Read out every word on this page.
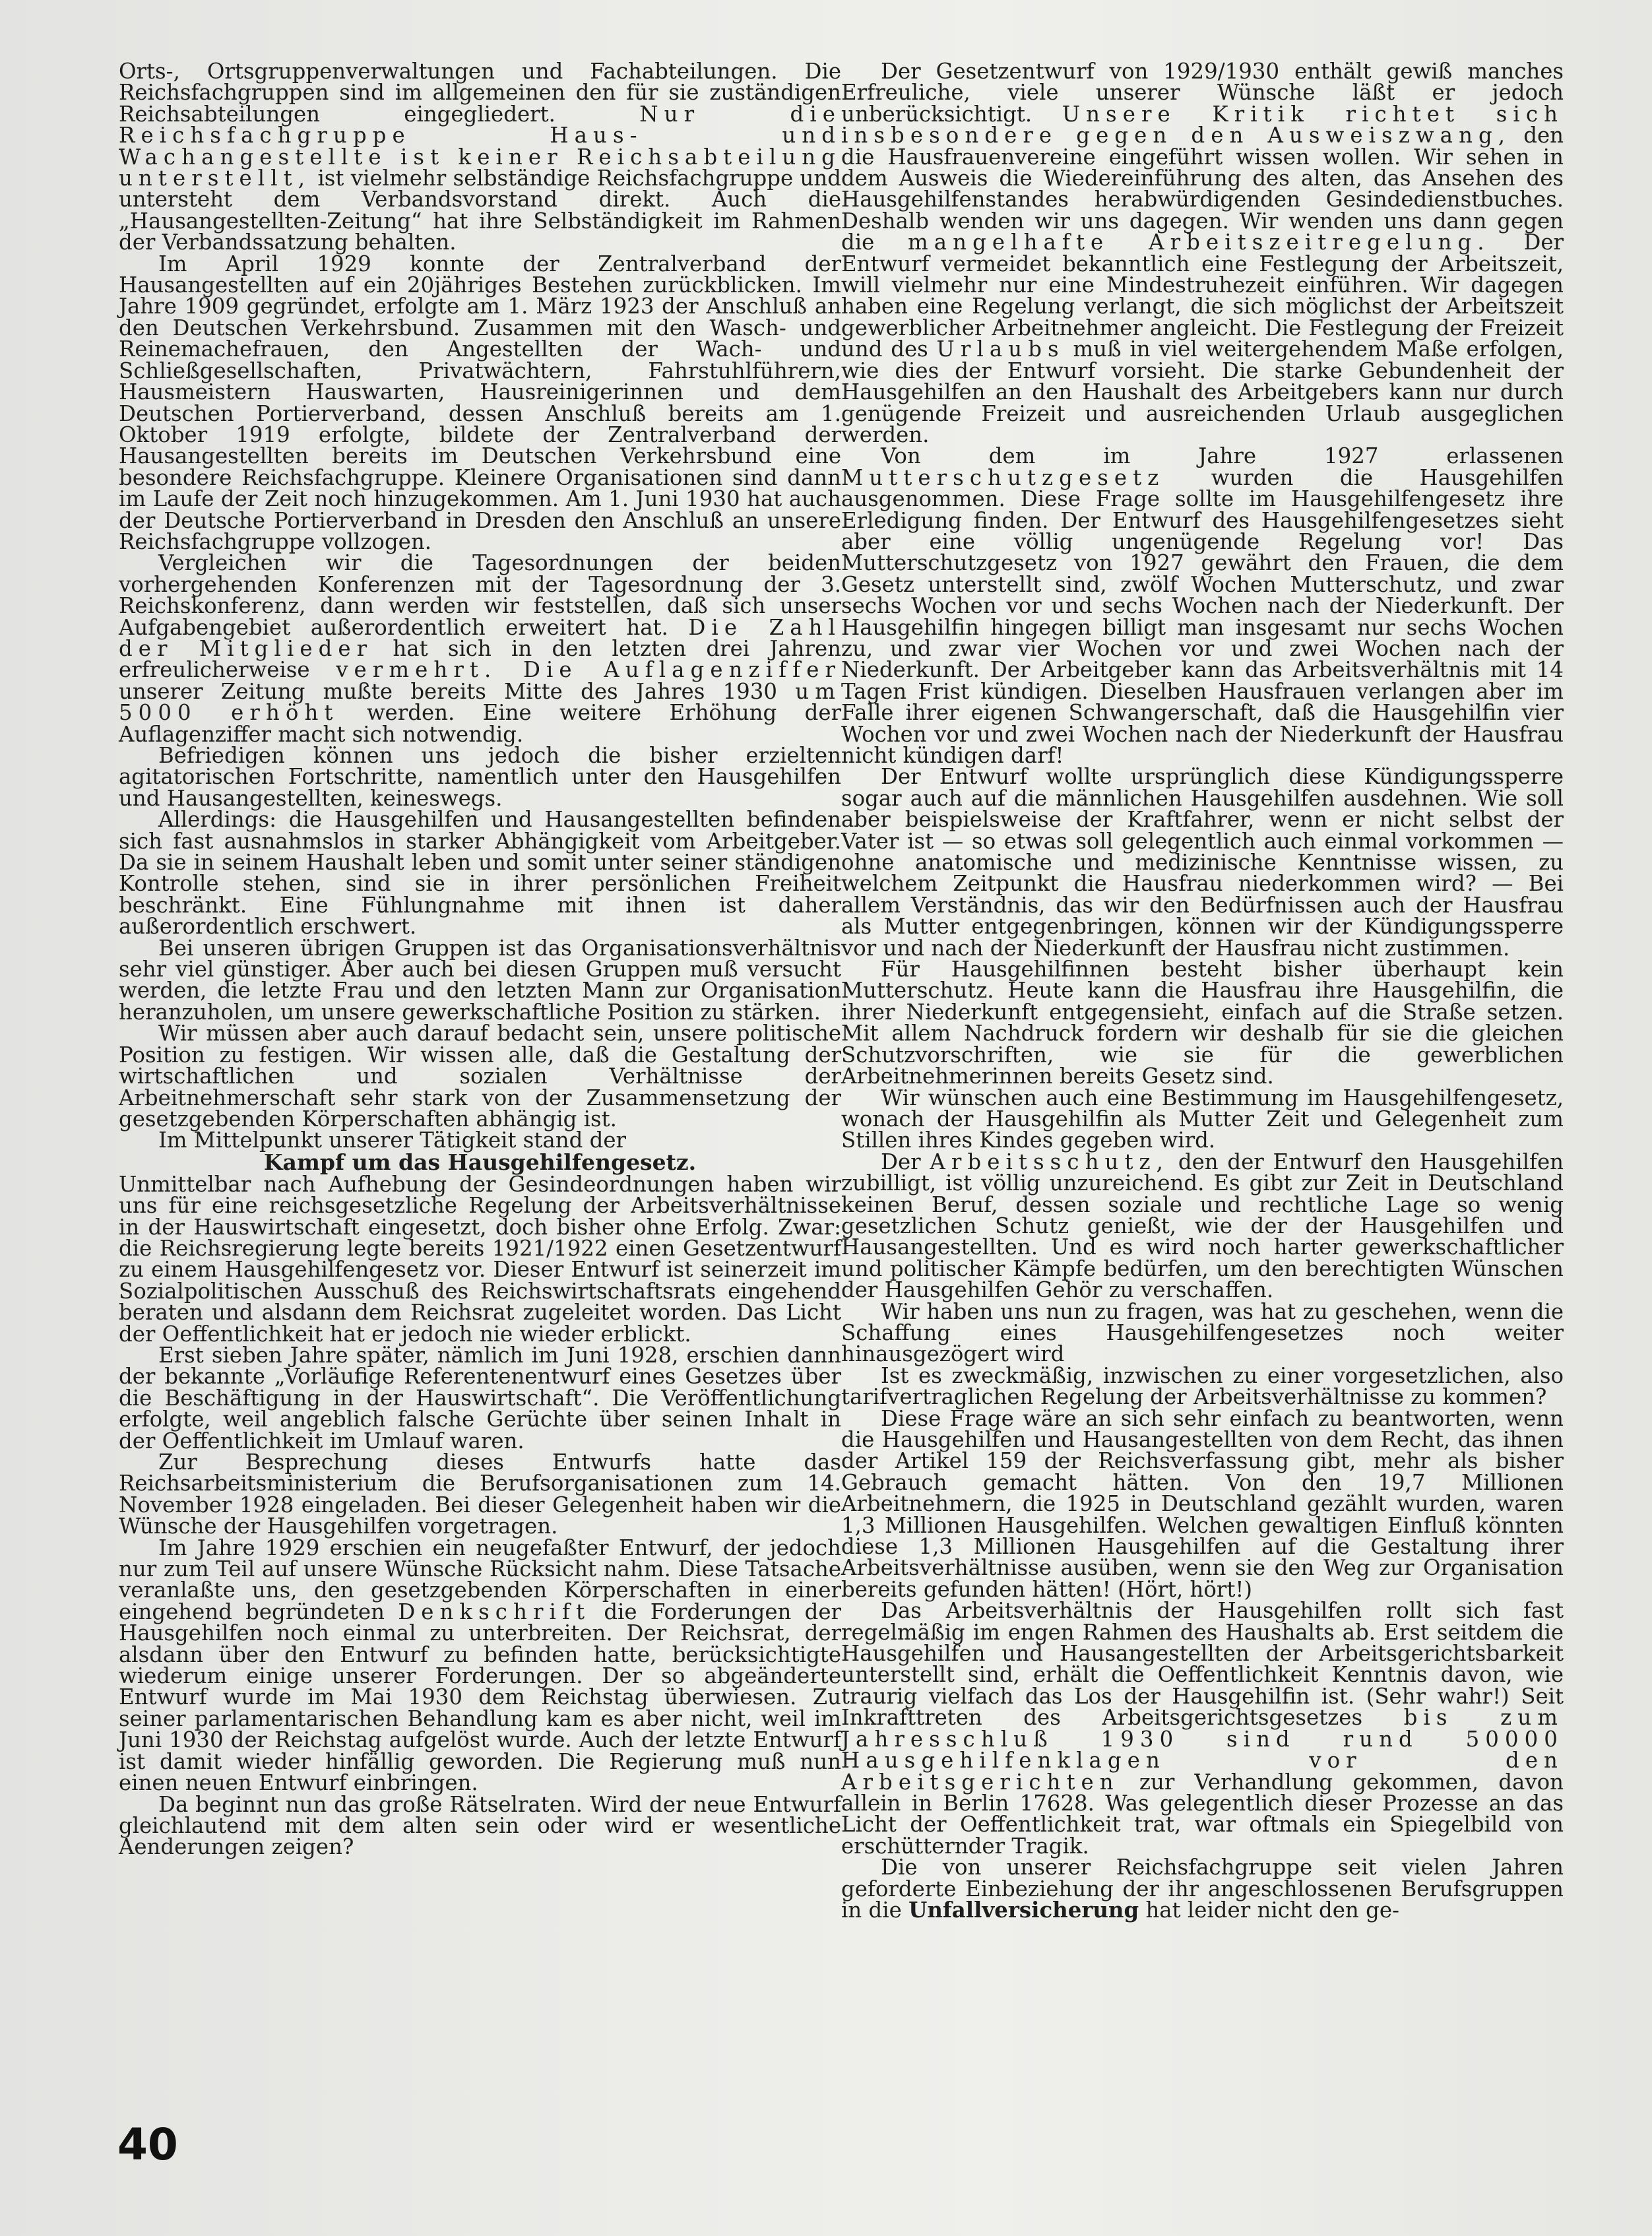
Orts-, Ortsgruppenverwaltungen und Fachabteilungen. Die Reichsfachgruppen sind im allgemeinen den für sie zuständigen Reichsabteilungen eingegliedert.	Nur die Reichsfachgruppe Haus- und Wachangestellte ist keiner Reichsabteilung unterstellt, ist vielmehr selbständige Reichsfachgruppe und untersteht dem Verbandsvorstand direkt. Auch die „Hausangestellten-Zeitung“ hat ihre Selbständigkeit im Rahmen der Verbandssatzung behalten.

Im April 1929 konnte der Zentralverband der Hausangestellten auf ein 20jähriges Bestehen zurückblicken. Im Jahre 1909 gegründet, erfolgte am 1. März 1923 der Anschluß an den Deutschen Verkehrsbund. Zusammen mit den Wasch- und Reinemachefrauen, den Angestellten der Wach- und Schließgesellschaften, Privatwächtern, Fahrstuhlführern, Hausmeistern Hauswarten, Hausreinigerinnen und dem Deutschen Portierverband, dessen Anschluß bereits am 1. Oktober 1919 erfolgte, bildete der Zentralverband der Hausangestellten bereits im Deutschen Verkehrsbund eine besondere Reichsfachgruppe. Kleinere Organisationen sind dann im Laufe der Zeit noch hinzugekommen. Am 1. Juni 1930 hat auch der Deutsche Portierverband in Dresden den Anschluß an unsere Reichsfachgruppe vollzogen.

Vergleichen wir die Tagesordnungen der beiden vorhergehenden Konferenzen mit der Tagesordnung der 3. Reichskonferenz, dann werden wir feststellen, daß sich unser Aufgabengebiet außerordentlich erweitert hat. Die Zahl der Mitglieder hat sich in den letzten drei Jahren erfreulicherweise vermehrt. Die Auflagenziffer unserer Zeitung mußte bereits Mitte des Jahres 1930 um 5000 erhöht werden. Eine weitere Erhöhung der Auflagenziffer macht sich notwendig.

Befriedigen können uns jedoch die bisher erzielten agitatorischen Fortschritte, namentlich unter den Hausgehilfen und Hausangestellten, keineswegs.

Allerdings: die Hausgehilfen und Hausangestellten befinden sich fast ausnahmslos in starker Abhängigkeit vom Arbeitgeber. Da sie in seinem Haushalt leben und somit unter seiner ständigen Kontrolle stehen, sind sie in ihrer persönlichen Freiheit beschränkt. Eine Fühlungnahme mit ihnen ist daher außerordentlich erschwert.

Bei unseren übrigen Gruppen ist das Organisationsverhältnis sehr viel günstiger. Aber auch bei diesen Gruppen muß versucht werden, die letzte Frau und den letzten Mann zur Organisation heranzuholen, um unsere gewerkschaftliche Position zu stärken.

Wir müssen aber auch darauf bedacht sein, unsere politische Position zu festigen. Wir wissen alle, daß die Gestaltung der wirtschaftlichen und sozialen Verhältnisse der Arbeitnehmerschaft sehr stark von der Zusammensetzung der gesetzgebenden Körperschaften abhängig ist.

Im Mittelpunkt unserer Tätigkeit stand der

Kampf um das Hausgehilfengesetz.

Unmittelbar nach Aufhebung der Gesindeordnungen haben wir uns für eine reichsgesetzliche Regelung der Arbeitsverhältnisse in der Hauswirtschaft eingesetzt, doch bisher ohne Erfolg. Zwar: die Reichsregierung legte bereits 1921/1922 einen Gesetzentwurf zu einem Hausgehilfengesetz vor. Dieser Entwurf ist seinerzeit im Sozialpolitischen Ausschuß des Reichswirtschaftsrats eingehend beraten und alsdann dem Reichsrat zugeleitet worden. Das Licht der Oeffentlichkeit hat er jedoch nie wieder erblickt.

Erst sieben Jahre später, nämlich im Juni 1928, erschien dann der bekannte „Vorläufige Referentenentwurf eines Gesetzes über die Beschäftigung in der Hauswirtschaft“. Die Veröffentlichung erfolgte, weil angeblich falsche Gerüchte über seinen Inhalt in der Oeffentlichkeit im Umlauf waren.

Zur Besprechung dieses Entwurfs hatte das Reichsarbeitsministerium die Berufsorganisationen zum 14. November 1928 eingeladen. Bei dieser Gelegenheit haben wir die Wünsche der Hausgehilfen vorgetragen.

Im Jahre 1929 erschien ein neugefaßter Entwurf, der jedoch nur zum Teil auf unsere Wünsche Rücksicht nahm. Diese Tatsache veranlaßte uns, den gesetzgebenden Körperschaften in einer eingehend begründeten Denkschrift die Forderungen der Hausgehilfen noch einmal zu unterbreiten. Der Reichsrat, der alsdann über den Entwurf zu befinden hatte, berücksichtigte wiederum einige unserer Forderungen. Der so abgeänderte Entwurf wurde im Mai 1930 dem Reichstag überwiesen. Zu seiner parlamentarischen Behandlung kam es aber nicht, weil im Juni 1930 der Reichstag aufgelöst wurde. Auch der letzte Entwurf ist damit wieder hinfällig geworden. Die Regierung muß nun einen neuen Entwurf einbringen.

Da beginnt nun das große Rätselraten. Wird der neue Entwurf gleichlautend mit dem alten sein oder wird er wesentliche Aenderungen zeigen?

Der Gesetzentwurf von 1929/1930 enthält gewiß manches Erfreuliche, viele unserer Wünsche läßt er jedoch unberücksichtigt. Unsere Kritik richtet sich insbesondere gegen den Ausweiszwang, den die Hausfrauenvereine eingeführt wissen wollen. Wir sehen in dem Ausweis die Wiedereinführung des alten, das Ansehen des Hausgehilfenstandes herabwürdigenden Gesindedienstbuches. Deshalb wenden wir uns dagegen. Wir wenden uns dann gegen die mangelhafte Arbeitszeitregelung. Der Entwurf vermeidet bekanntlich eine Festlegung der Arbeitszeit, will vielmehr nur eine Mindestruhezeit einführen. Wir dagegen haben eine Regelung verlangt, die sich möglichst der Arbeitszeit gewerblicher Arbeitnehmer angleicht. Die Festlegung der Freizeit und des Urlaubs muß in viel weitergehendem Maße erfolgen, wie dies der Entwurf vorsieht. Die starke Gebundenheit der Hausgehilfen an den Haushalt des Arbeitgebers kann nur durch genügende Freizeit und ausreichenden Urlaub ausgeglichen werden.

Von dem im Jahre 1927 erlassenen Mutterschutzgesetz wurden die Hausgehilfen ausgenommen. Diese Frage sollte im Hausgehilfengesetz ihre Erledigung finden. Der Entwurf des Hausgehilfengesetzes sieht aber eine völlig ungenügende Regelung vor! Das Mutterschutzgesetz von 1927 gewährt den Frauen, die dem Gesetz unterstellt sind, zwölf Wochen Mutterschutz, und zwar sechs Wochen vor und sechs Wochen nach der Niederkunft. Der Hausgehilfin hingegen billigt man insgesamt nur sechs Wochen zu, und zwar vier Wochen vor und zwei Wochen nach der Niederkunft. Der Arbeitgeber kann das Arbeitsverhältnis mit 14 Tagen Frist kündigen. Dieselben Hausfrauen verlangen aber im Falle ihrer eigenen Schwangerschaft, daß die Hausgehilfin vier Wochen vor und zwei Wochen nach der Niederkunft der Hausfrau nicht kündigen darf!

Der Entwurf wollte ursprünglich diese Kündigungssperre sogar auch auf die männlichen Hausgehilfen ausdehnen. Wie soll aber beispielsweise der Kraftfahrer, wenn er nicht selbst der Vater ist — so etwas soll gelegentlich auch einmal vorkommen — ohne anatomische und medizinische Kenntnisse wissen, zu welchem Zeitpunkt die Hausfrau niederkommen wird? — Bei allem Verständnis, das wir den Bedürfnissen auch der Hausfrau als Mutter entgegenbringen, können wir der Kündigungssperre vor und nach der Niederkunft der Hausfrau nicht zustimmen.

Für Hausgehilfinnen besteht bisher überhaupt kein Mutterschutz. Heute kann die Hausfrau ihre Hausgehilfin, die ihrer Niederkunft entgegensieht, einfach auf die Straße setzen. Mit allem Nachdruck fordern wir deshalb für sie die gleichen Schutzvorschriften, wie sie für die gewerblichen Arbeitnehmerinnen bereits Gesetz sind.

Wir wünschen auch eine Bestimmung im Hausgehilfengesetz, wonach der Hausgehilfin als Mutter Zeit und Gelegenheit zum Stillen ihres Kindes gegeben wird.

Der Arbeitsschutz, den der Entwurf den Hausgehilfen zubilligt, ist völlig unzureichend. Es gibt zur Zeit in Deutschland keinen Beruf, dessen soziale und rechtliche Lage so wenig gesetzlichen Schutz genießt, wie der der Hausgehilfen und Hausangestellten. Und es wird noch harter gewerkschaftlicher und politischer Kämpfe bedürfen, um den berechtigten Wünschen der Hausgehilfen Gehör zu verschaffen.

Wir haben uns nun zu fragen, was hat zu geschehen, wenn die Schaffung eines Hausgehilfengesetzes noch weiter hinausgezögert wird

Ist es zweckmäßig, inzwischen zu einer vorgesetzlichen, also tarifvertraglichen Regelung der Arbeitsverhältnisse zu kommen?

Diese Frage wäre an sich sehr einfach zu beantworten, wenn die Hausgehilfen und Hausangestellten von dem Recht, das ihnen der Artikel 159 der Reichsverfassung gibt, mehr als bisher Gebrauch gemacht hätten. Von den 19,7 Millionen Arbeitnehmern, die 1925 in Deutschland gezählt wurden, waren 1,3 Millionen Hausgehilfen. Welchen gewaltigen Einfluß könnten diese 1,3 Millionen Hausgehilfen auf die Gestaltung ihrer Arbeitsverhältnisse ausüben, wenn sie den Weg zur Organisation bereits gefunden hätten! (Hört, hört!)

Das Arbeitsverhältnis der Hausgehilfen rollt sich fast regelmäßig im engen Rahmen des Haushalts ab. Erst seitdem die Hausgehilfen und Hausangestellten der Arbeitsgerichtsbarkeit unterstellt sind, erhält die Oeffentlichkeit Kenntnis davon, wie traurig vielfach das Los der Hausgehilfin ist. (Sehr wahr!) Seit Inkrafttreten des Arbeitsgerichtsgesetzes bis zum Jahresschluß 1930 sind rund 50000 Hausgehilfenklagen vor den Arbeitsgerichten zur Verhandlung gekommen, davon allein in Berlin 17628. Was gelegentlich dieser Prozesse an das Licht der Oeffentlichkeit trat, war oftmals ein Spiegelbild von erschütternder Tragik.

Die von unserer Reichsfachgruppe seit vielen Jahren geforderte Einbeziehung der ihr angeschlossenen Berufsgruppen in die Unfallversicherung hat leider nicht den ge-

40
